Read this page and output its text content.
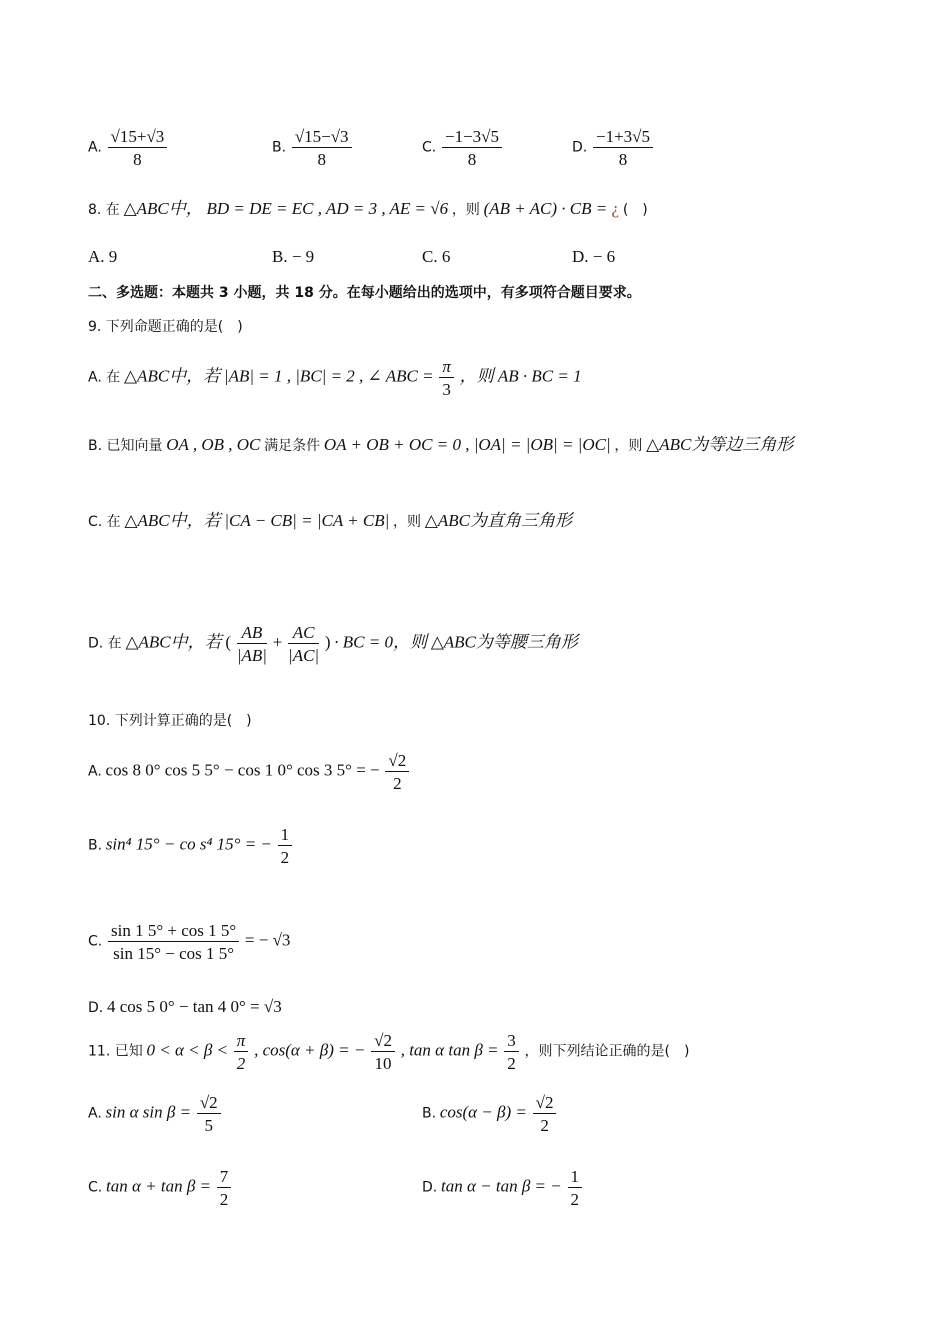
A. $\frac{√15+√3}{8}$	B. $\frac{√15-√3}{8}$	C. $\frac{-1-3√5}{8}$	D. $\frac{-1+3√5}{8}$
8. 在 △ABC中， BD = DE = EC , AD = 3 , AE = √6 ，则 (AB + AC) · CB = ¿ (　)
A. 9	B. − 9	C. 6	D. − 6
二、多选题：本题共 3 小题，共 18 分。在每小题给出的选项中，有多项符合题目要求。
9. 下列命题正确的是(　)
A. 在 △ABC中，若 |AB| = 1 , |BC| = 2 , ∠ ABC = $\frac{\pi}{3}$ ，则 AB · BC = 1
B. 已知向量 OA , OB , OC 满足条件 OA + OB + OC = 0 , |OA| = |OB| = |OC| ，则 △ABC为等边三角形
C. 在 △ABC中，若 |CA − CB| = |CA + CB| ，则 △ABC为直角三角形
D. 在 △ABC中，若 ( $\frac{AB}{|AB|} + \frac{AC}{|AC|}$ ) · BC = 0，则 △ABC为等腰三角形
10. 下列计算正确的是(　)
A. cos 8 0° cos 5 5° − cos 1 0° cos 3 5° = − $\frac{√2}{2}$
B. sin⁴ 15° − co s⁴ 15° = − $\frac{1}{2}$
C. $\frac{\sin 1 5^\circ + \cos 1 5^\circ}{\sin 15^\circ - \cos 1 5^\circ}$ = − √3
D. 4 cos 5 0° − tan 4 0° = √3
11. 已知 $0 < \alpha < \beta < \frac{\pi}{2}$ , cos(α + β) = − $\frac{√2}{10}$ , tan α $\tan \beta = \frac{3}{2}$ ，则下列结论正确的是(　)
A. sin α $\sin \beta = \frac{√2}{5}$	B. $\cos(\alpha - \beta) = \frac{√2}{2}$
C. $\tan \alpha + \tan \beta = \frac{7}{2}$	D. tan α − tan β = − $\frac{1}{2}$
